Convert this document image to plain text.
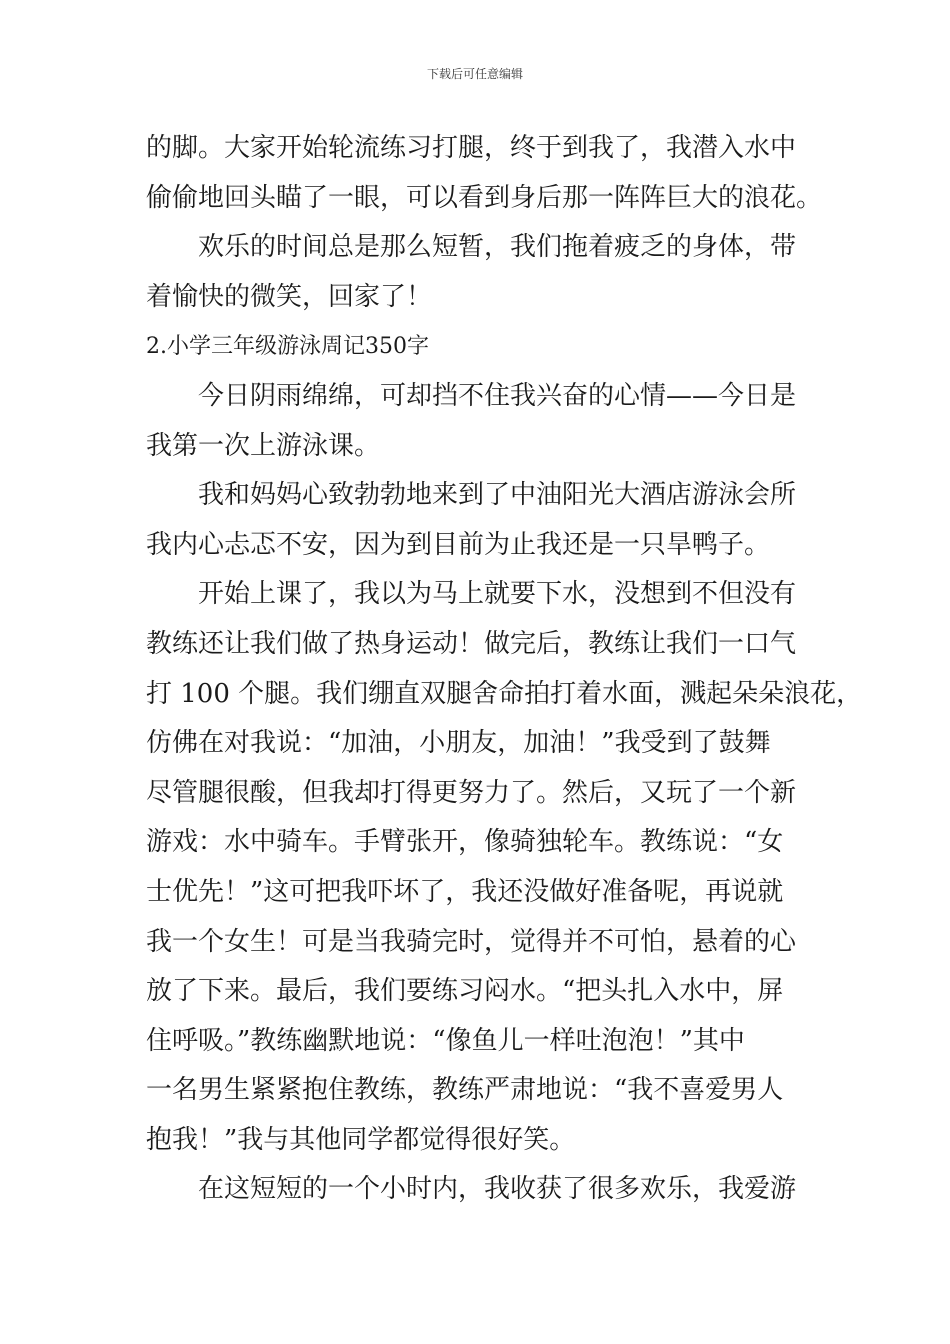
下载后可任意编辑
的脚。大家开始轮流练习打腿，终于到我了，我潜入水中
偷偷地回头瞄了一眼，可以看到身后那一阵阵巨大的浪花。
欢乐的时间总是那么短暂，我们拖着疲乏的身体，带
着愉快的微笑，回家了！
2.小学三年级游泳周记350字
今日阴雨绵绵，可却挡不住我兴奋的心情——今日是
我第一次上游泳课。
我和妈妈心致勃勃地来到了中油阳光大酒店游泳会所
我内心忐忑不安，因为到目前为止我还是一只旱鸭子。
开始上课了，我以为马上就要下水，没想到不但没有
教练还让我们做了热身运动！做完后，教练让我们一口气
打 100 个腿。我们绷直双腿舍命拍打着水面，溅起朵朵浪花，
仿佛在对我说：“加油，小朋友，加油！”我受到了鼓舞
尽管腿很酸，但我却打得更努力了。然后，又玩了一个新
游戏：水中骑车。手臂张开，像骑独轮车。教练说：“女
士优先！”这可把我吓坏了，我还没做好准备呢，再说就
我一个女生！可是当我骑完时，觉得并不可怕，悬着的心
放了下来。最后，我们要练习闷水。“把头扎入水中，屏
住呼吸。”教练幽默地说：“像鱼儿一样吐泡泡！”其中
一名男生紧紧抱住教练，教练严肃地说：“我不喜爱男人
抱我！”我与其他同学都觉得很好笑。
在这短短的一个小时内，我收获了很多欢乐，我爱游
